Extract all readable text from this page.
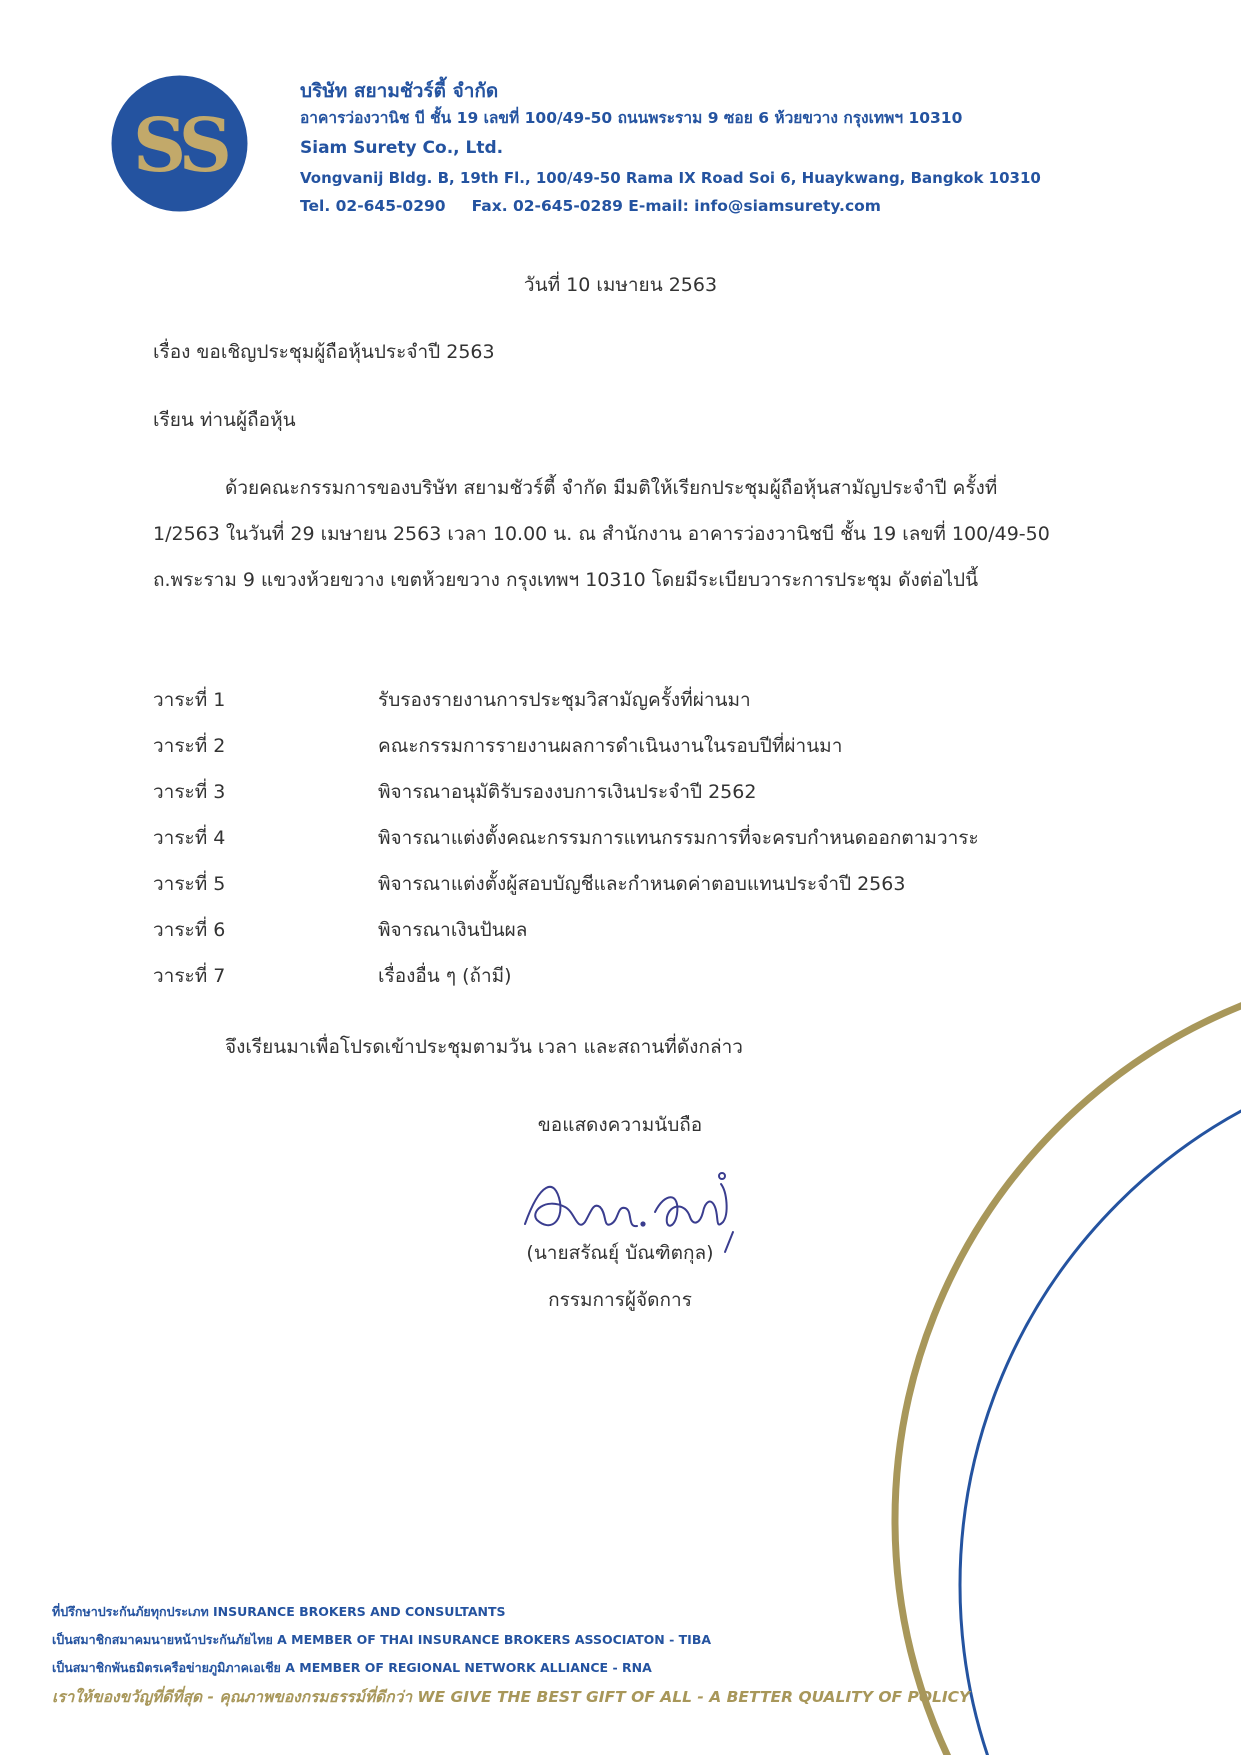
SS
บริษัท สยามชัวร์ตี้ จำกัด
อาคารว่องวานิช บี ชั้น 19 เลขที่ 100/49-50 ถนนพระราม 9 ซอย 6 ห้วยขวาง กรุงเทพฯ 10310
Siam Surety Co., Ltd.
Vongvanij Bldg. B, 19th Fl., 100/49-50 Rama IX Road Soi 6, Huaykwang, Bangkok 10310
Tel. 02-645-0290 Fax. 02-645-0289 E-mail: info@siamsurety.com
วันที่ 10 เมษายน 2563
เรื่อง ขอเชิญประชุมผู้ถือหุ้นประจำปี 2563
เรียน ท่านผู้ถือหุ้น
ด้วยคณะกรรมการของบริษัท สยามชัวร์ตี้ จำกัด มีมติให้เรียกประชุมผู้ถือหุ้นสามัญประจำปี ครั้งที่ 1/2563 ในวันที่ 29 เมษายน 2563 เวลา 10.00 น. ณ สำนักงาน อาคารว่องวานิชบี ชั้น 19 เลขที่ 100/49-50 ถ.พระราม 9 แขวงห้วยขวาง เขตห้วยขวาง กรุงเทพฯ 10310 โดยมีระเบียบวาระการประชุม ดังต่อไปนี้
วาระที่ 1	รับรองรายงานการประชุมวิสามัญครั้งที่ผ่านมา
วาระที่ 2	คณะกรรมการรายงานผลการดำเนินงานในรอบปีที่ผ่านมา
วาระที่ 3	พิจารณาอนุมัติรับรองงบการเงินประจำปี 2562
วาระที่ 4	พิจารณาแต่งตั้งคณะกรรมการแทนกรรมการที่จะครบกำหนดออกตามวาระ
วาระที่ 5	พิจารณาแต่งตั้งผู้สอบบัญชีและกำหนดค่าตอบแทนประจำปี 2563
วาระที่ 6	พิจารณาเงินปันผล
วาระที่ 7	เรื่องอื่น ๆ (ถ้ามี)
จึงเรียนมาเพื่อโปรดเข้าประชุมตามวัน เวลา และสถานที่ดังกล่าว
ขอแสดงความนับถือ
(นายสรัณยุ์ บัณฑิตกุล)
กรรมการผู้จัดการ
ที่ปรึกษาประกันภัยทุกประเภท INSURANCE BROKERS AND CONSULTANTS
เป็นสมาชิกสมาคมนายหน้าประกันภัยไทย A MEMBER OF THAI INSURANCE BROKERS ASSOCIATON - TIBA
เป็นสมาชิกพันธมิตรเครือข่ายภูมิภาคเอเชีย A MEMBER OF REGIONAL NETWORK ALLIANCE - RNA
เราให้ของขวัญที่ดีที่สุด - คุณภาพของกรมธรรม์ที่ดีกว่า WE GIVE THE BEST GIFT OF ALL - A BETTER QUALITY OF POLICY
